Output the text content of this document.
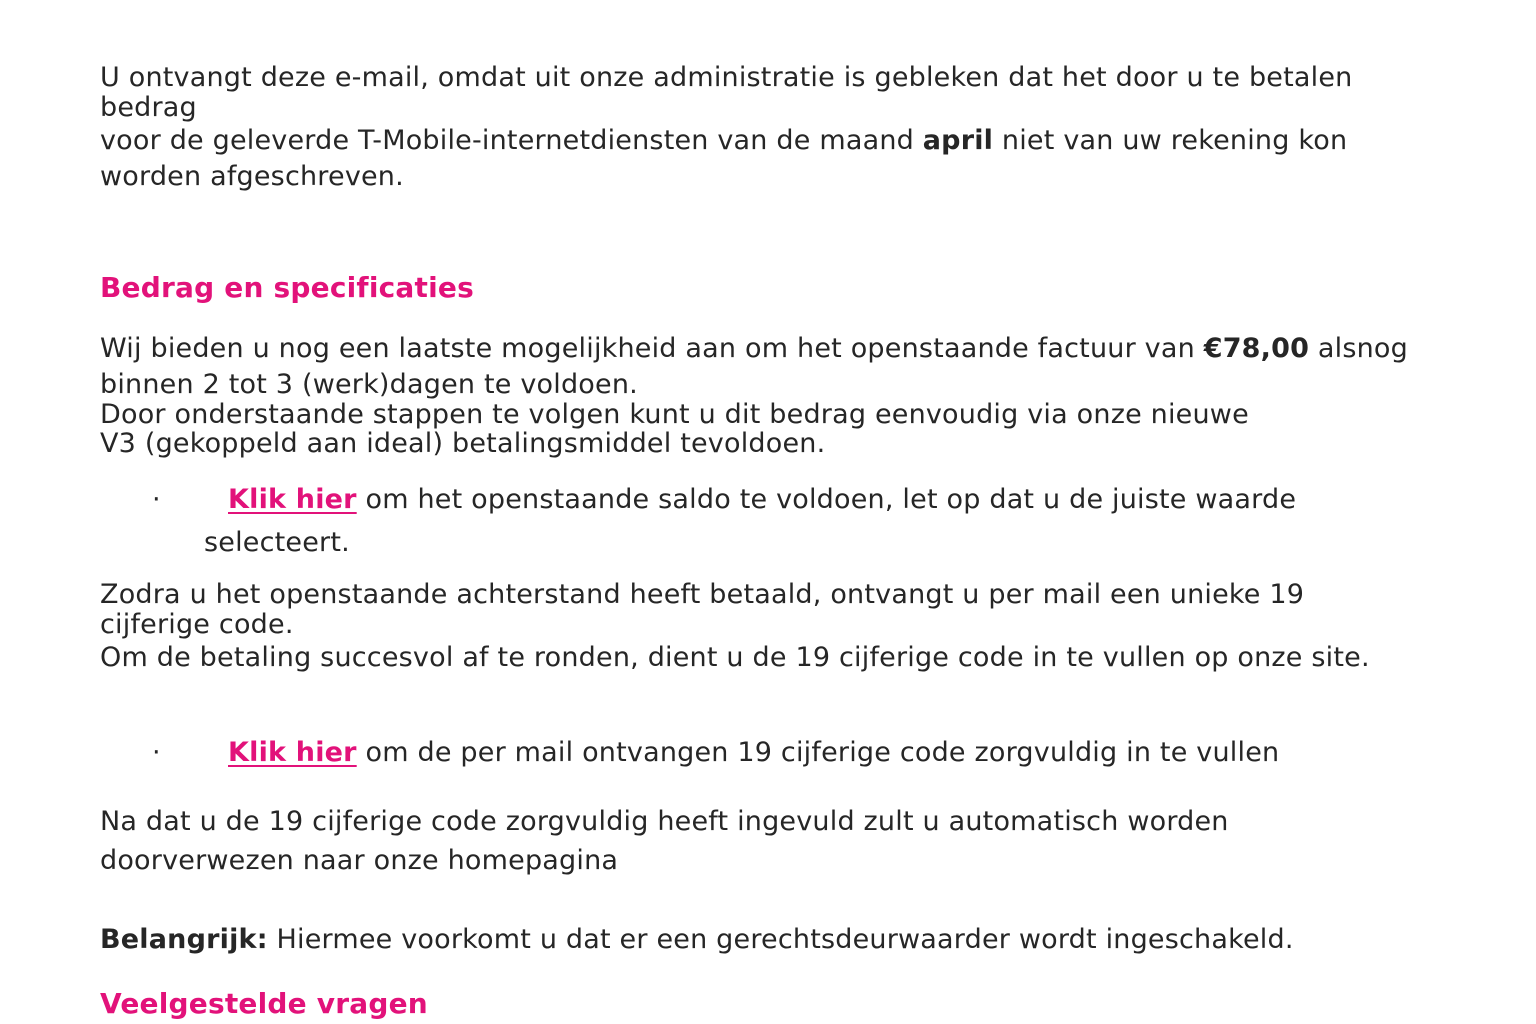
U ontvangt deze e-mail, omdat uit onze administratie is gebleken dat het door u te betalen
bedrag
voor de geleverde T-Mobile-internetdiensten van de maand april niet van uw rekening kon
worden afgeschreven.
Bedrag en specificaties
Wij bieden u nog een laatste mogelijkheid aan om het openstaande factuur van €78,00 alsnog
binnen 2 tot 3 (werk)dagen te voldoen.
Door onderstaande stappen te volgen kunt u dit bedrag eenvoudig via onze nieuwe
V3 (gekoppeld aan ideal) betalingsmiddel tevoldoen.
· Klik hier om het openstaande saldo te voldoen, let op dat u de juiste waarde
selecteert.
Zodra u het openstaande achterstand heeft betaald, ontvangt u per mail een unieke 19
cijferige code.
Om de betaling succesvol af te ronden, dient u de 19 cijferige code in te vullen op onze site.
· Klik hier om de per mail ontvangen 19 cijferige code zorgvuldig in te vullen
Na dat u de 19 cijferige code zorgvuldig heeft ingevuld zult u automatisch worden
doorverwezen naar onze homepagina
Belangrijk: Hiermee voorkomt u dat er een gerechtsdeurwaarder wordt ingeschakeld.
Veelgestelde vragen
